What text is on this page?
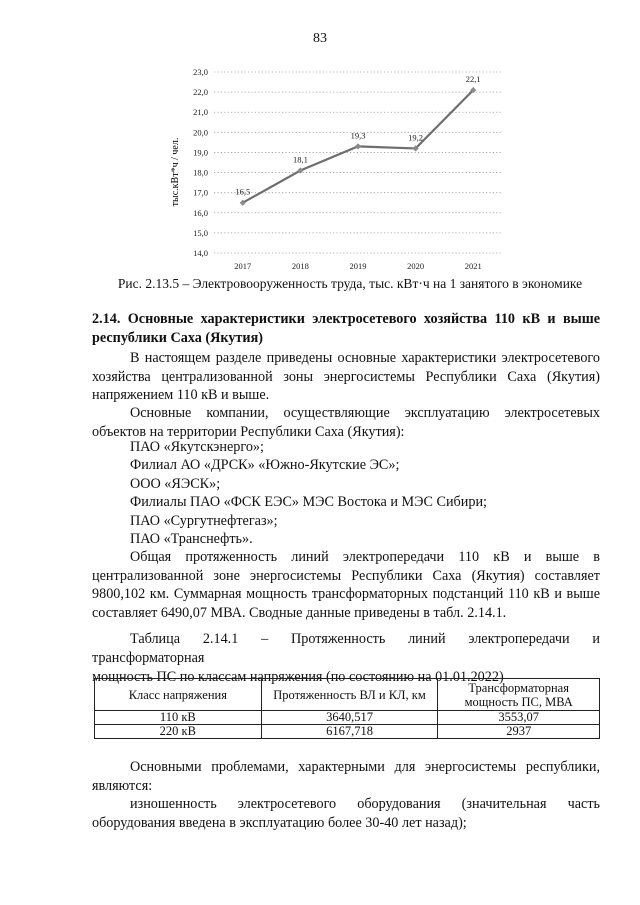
83
14,0
15,0
16,0
17,0
18,0
19,0
20,0
21,0
22,0
23,0
2017	2018	2019	2020	2021
16,5
18,1
19,3	19,2
22,1
тыс.кВт*ч / чел.
Рис. 2.13.5 – Электровооруженность труда, тыс. кВт·ч на 1 занятого в экономике
2.14. Основные характеристики электросетевого хозяйства 110 кВ и выше республики Саха (Якутия)
В настоящем разделе приведены основные характеристики электросетевого
хозяйства централизованной зоны энергосистемы Республики Саха (Якутия)
напряжением 110 кВ и выше.
Основные компании, осуществляющие эксплуатацию электросетевых
объектов на территории Республики Саха (Якутия):
ПАО «Якутскэнерго»;
Филиал АО «ДРСК» «Южно-Якутские ЭС»;
ООО «ЯЭСК»;
Филиалы ПАО «ФСК ЕЭС» МЭС Востока и МЭС Сибири;
ПАО «Сургутнефтегаз»;
ПАО «Транснефть».
Общая протяженность линий электропередачи 110 кВ и выше в
централизованной зоне энергосистемы Республики Саха (Якутия) составляет
9800,102 км. Суммарная мощность трансформаторных подстанций 110 кВ и выше
составляет 6490,07 МВА. Сводные данные приведены в табл. 2.14.1.
Таблица 2.14.1 – Протяженность линий электропередачи и трансформаторная
мощность ПС по классам напряжения (по состоянию на 01.01.2022)
Класс напряжения	Протяженность ВЛ и КЛ, км	Трансформаторная мощность ПС, МВА
110 кВ	3640,517	3553,07
220 кВ	6167,718	2937
Основными проблемами, характерными для энергосистемы республики,
являются:
изношенность электросетевого оборудования (значительная часть
оборудования введена в эксплуатацию более 30-40 лет назад);
